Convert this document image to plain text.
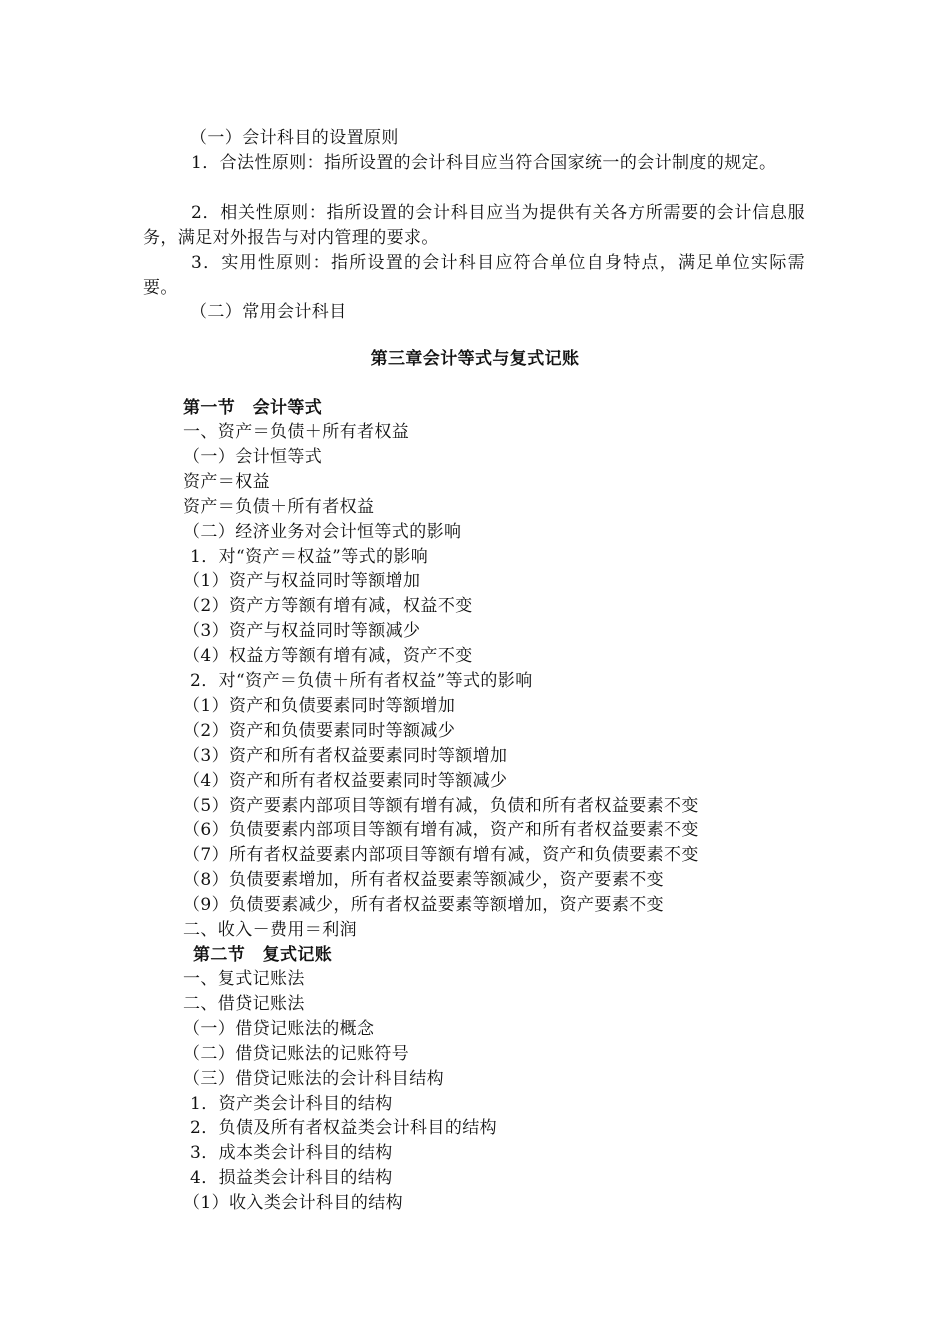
（一）会计科目的设置原则
1．合法性原则：指所设置的会计科目应当符合国家统一的会计制度的规定。
2．相关性原则：指所设置的会计科目应当为提供有关各方所需要的会计信息服务，满足对外报告与对内管理的要求。
3．实用性原则：指所设置的会计科目应符合单位自身特点，满足单位实际需要。
（二）常用会计科目
第三章会计等式与复式记账
第一节　会计等式
一、资产＝负债＋所有者权益
（一）会计恒等式
资产＝权益
资产＝负债＋所有者权益
（二）经济业务对会计恒等式的影响
1．对“资产＝权益”等式的影响
（1）资产与权益同时等额增加
（2）资产方等额有增有减，权益不变
（3）资产与权益同时等额减少
（4）权益方等额有增有减，资产不变
2．对“资产＝负债＋所有者权益”等式的影响
（1）资产和负债要素同时等额增加
（2）资产和负债要素同时等额减少
（3）资产和所有者权益要素同时等额增加
（4）资产和所有者权益要素同时等额减少
（5）资产要素内部项目等额有增有减，负债和所有者权益要素不变
（6）负债要素内部项目等额有增有减，资产和所有者权益要素不变
（7）所有者权益要素内部项目等额有增有减，资产和负债要素不变
（8）负债要素增加，所有者权益要素等额减少，资产要素不变
（9）负债要素减少，所有者权益要素等额增加，资产要素不变
二、收入－费用＝利润
第二节　复式记账
一、复式记账法
二、借贷记账法
（一）借贷记账法的概念
（二）借贷记账法的记账符号
（三）借贷记账法的会计科目结构
1．资产类会计科目的结构
2．负债及所有者权益类会计科目的结构
3．成本类会计科目的结构
4．损益类会计科目的结构
（1）收入类会计科目的结构
